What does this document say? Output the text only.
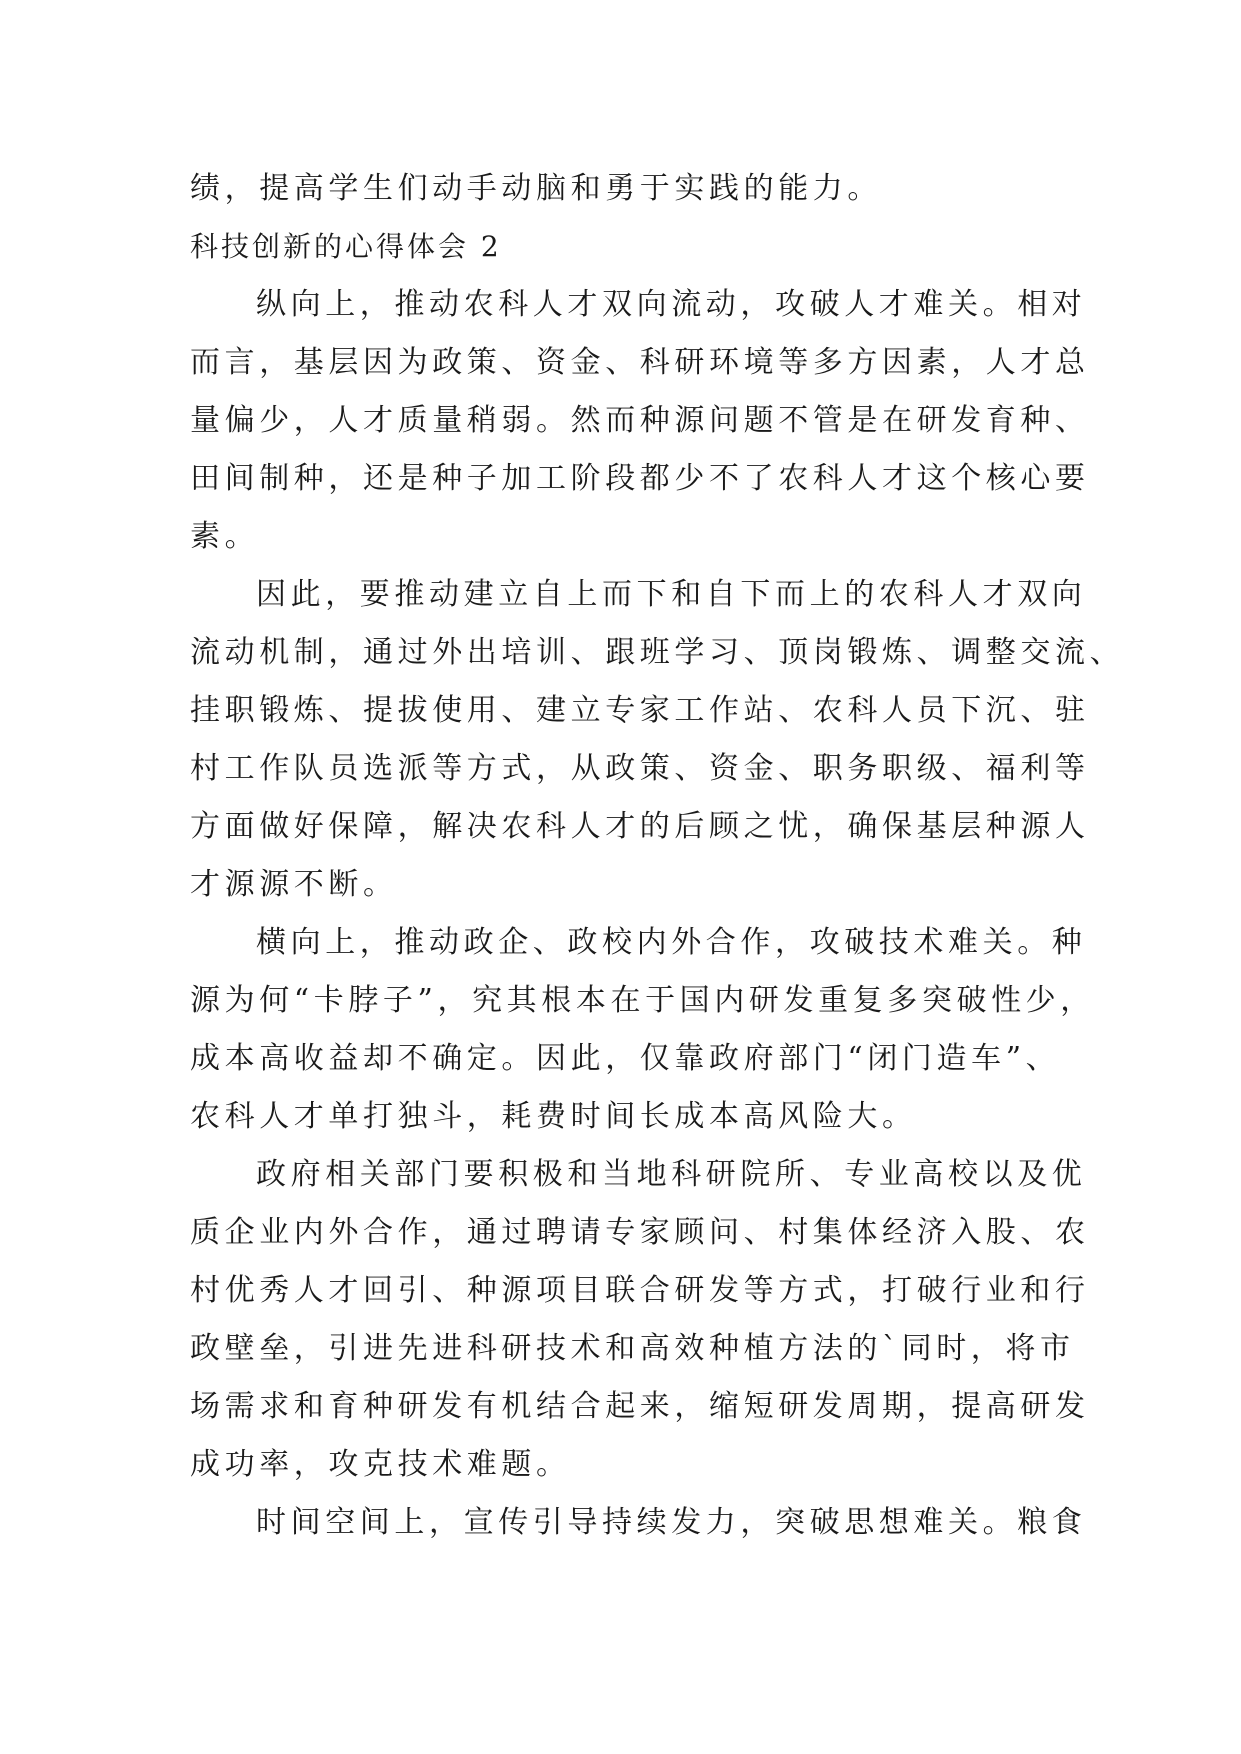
绩，提高学生们动手动脑和勇于实践的能力。
科技创新的心得体会 2
纵向上，推动农科人才双向流动，攻破人才难关。相对
而言，基层因为政策、资金、科研环境等多方因素，人才总
量偏少，人才质量稍弱。然而种源问题不管是在研发育种、
田间制种，还是种子加工阶段都少不了农科人才这个核心要
素。
因此，要推动建立自上而下和自下而上的农科人才双向
流动机制，通过外出培训、跟班学习、顶岗锻炼、调整交流、
挂职锻炼、提拔使用、建立专家工作站、农科人员下沉、驻
村工作队员选派等方式，从政策、资金、职务职级、福利等
方面做好保障，解决农科人才的后顾之忧，确保基层种源人
才源源不断。
横向上，推动政企、政校内外合作，攻破技术难关。种
源为何“卡脖子”，究其根本在于国内研发重复多突破性少，
成本高收益却不确定。因此，仅靠政府部门“闭门造车”、
农科人才单打独斗，耗费时间长成本高风险大。
政府相关部门要积极和当地科研院所、专业高校以及优
质企业内外合作，通过聘请专家顾问、村集体经济入股、农
村优秀人才回引、种源项目联合研发等方式，打破行业和行
政壁垒，引进先进科研技术和高效种植方法的`同时，将市
场需求和育种研发有机结合起来，缩短研发周期，提高研发
成功率，攻克技术难题。
时间空间上，宣传引导持续发力，突破思想难关。粮食
